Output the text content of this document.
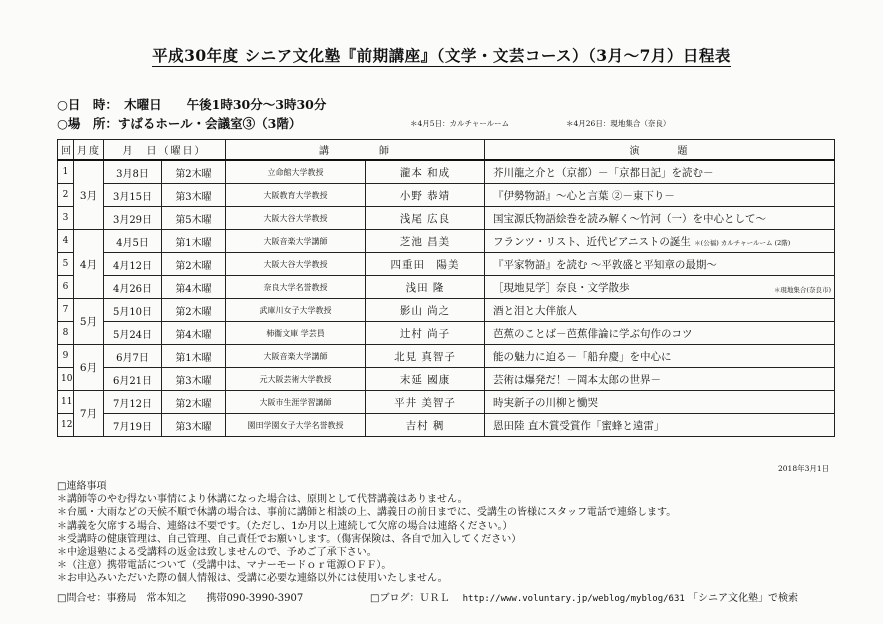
平成30年度 シニア文化塾『前期講座』（文学・文芸コース）（3月〜7月）日程表
○日　時：　木曜日　　午後1時30分～3時30分
○場　所：すばるホール・会議室③（3階）	＊4月5日：カルチャールーム	＊4月26日：現地集合（奈良）
回	月度	月　日（曜日）		講　　　　師		演　　　題
1	3月	3月8日	第2木曜	立命館大学教授	瀧本 和成	芥川龍之介と（京都）－「京都日記」を読む－
2		3月15日	第3木曜	大阪教育大学教授	小野 恭靖	『伊勢物語』～心と言葉 ②－東下り－
3		3月29日	第5木曜	大阪大谷大学教授	浅尾 広良	国宝源氏物語絵巻を読み解く～竹河（一）を中心として～
4	4月	4月5日	第1木曜	大阪音楽大学講師	芝池 昌美	フランツ・リスト、近代ピアニストの誕生 ＊(公福) カルチャールーム (2階)
5		4月12日	第2木曜	大阪大谷大学教授	四重田　陽美	『平家物語』を読む ～平敦盛と平知章の最期～
6		4月26日	第4木曜	奈良大学名誉教授	浅田 隆	［現地見学］奈良・文学散歩 ＊現地集合(奈良市)

7	5月	5月10日	第2木曜	武庫川女子大学教授	影山 尚之	酒と泪と大伴旅人
8		5月24日	第4木曜	柿衞文庫 学芸員	辻村 尚子	芭蕉のことば－芭蕉俳論に学ぶ句作のコツ
9	6月	6月7日	第1木曜	大阪音楽大学講師	北見 真智子	能の魅力に迫る－「船弁慶」を中心に
10		6月21日	第3木曜	元大阪芸術大学教授	末延 國康	芸術は爆発だ！－岡本太郎の世界－
11	7月	7月12日	第2木曜	大阪市生涯学習講師	平井 美智子	時実新子の川柳と慟哭
12		7月19日	第3木曜	園田学園女子大学名誉教授	吉村 稠	恩田陸 直木賞受賞作「蜜蜂と遠雷」
2018年3月1日
□連絡事項
＊講師等のやむ得ない事情により休講になった場合は、原則として代替講義はありません。
＊台風・大雨などの天候不順で休講の場合は、事前に講師と相談の上、講義日の前日までに、受講生の皆様にスタッフ電話で連絡します。
＊講義を欠席する場合、連絡は不要です。（ただし、1か月以上連続して欠席の場合は連絡ください。）
＊受講時の健康管理は、自己管理、自己責任でお願いします。（傷害保険は、各自で加入してください）
＊中途退塾による受講料の返金は致しませんので、予めご了承下さい。
＊（注意）携帯電話について（受講中は、マナーモードｏｒ電源ＯＦＦ）。
＊お申込みいただいた際の個人情報は、受講に必要な連絡以外には使用いたしません。
□問合せ：事務局　常本知之　　携帯090-3990-3907	□ブログ：ＵＲＬ　 http://www.voluntary.jp/weblog/myblog/631 「シニア文化塾」で検索
